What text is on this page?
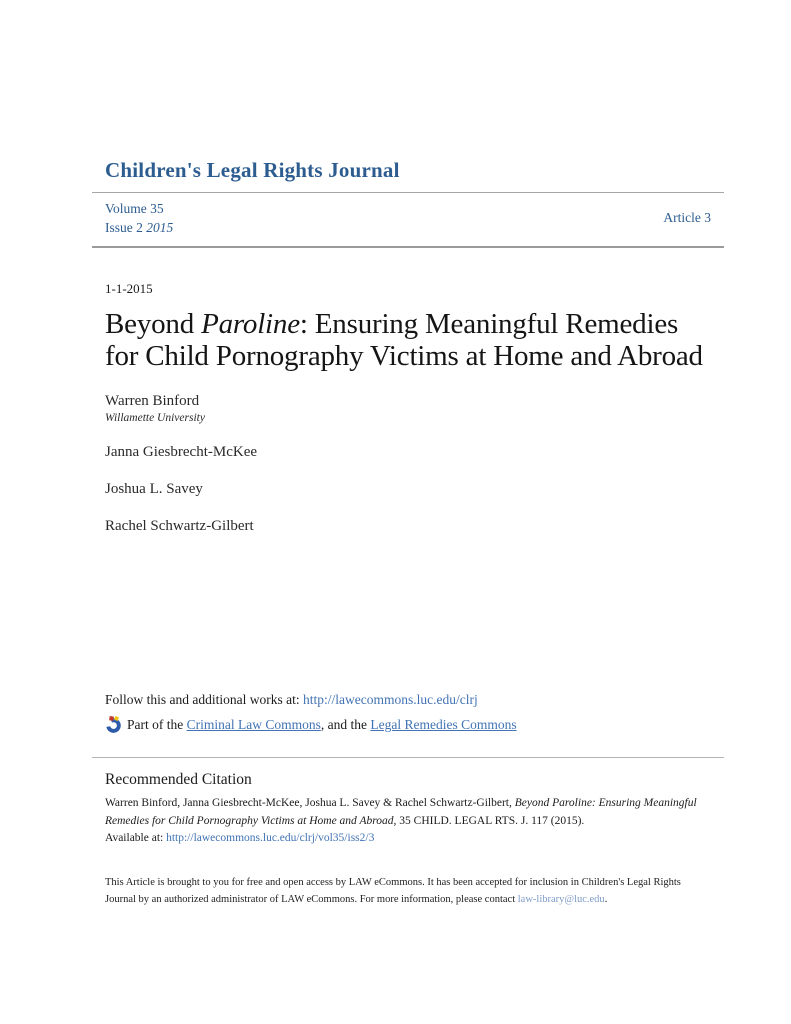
Children's Legal Rights Journal
Volume 35
Issue 2 2015
Article 3
1-1-2015
Beyond Paroline: Ensuring Meaningful Remedies for Child Pornography Victims at Home and Abroad
Warren Binford
Willamette University
Janna Giesbrecht-McKee
Joshua L. Savey
Rachel Schwartz-Gilbert
Follow this and additional works at: http://lawecommons.luc.edu/clrj
Part of the Criminal Law Commons, and the Legal Remedies Commons
Recommended Citation
Warren Binford, Janna Giesbrecht-McKee, Joshua L. Savey & Rachel Schwartz-Gilbert, Beyond Paroline: Ensuring Meaningful Remedies for Child Pornography Victims at Home and Abroad, 35 CHILD. LEGAL RTS. J. 117 (2015).
Available at: http://lawecommons.luc.edu/clrj/vol35/iss2/3
This Article is brought to you for free and open access by LAW eCommons. It has been accepted for inclusion in Children's Legal Rights Journal by an authorized administrator of LAW eCommons. For more information, please contact law-library@luc.edu.
